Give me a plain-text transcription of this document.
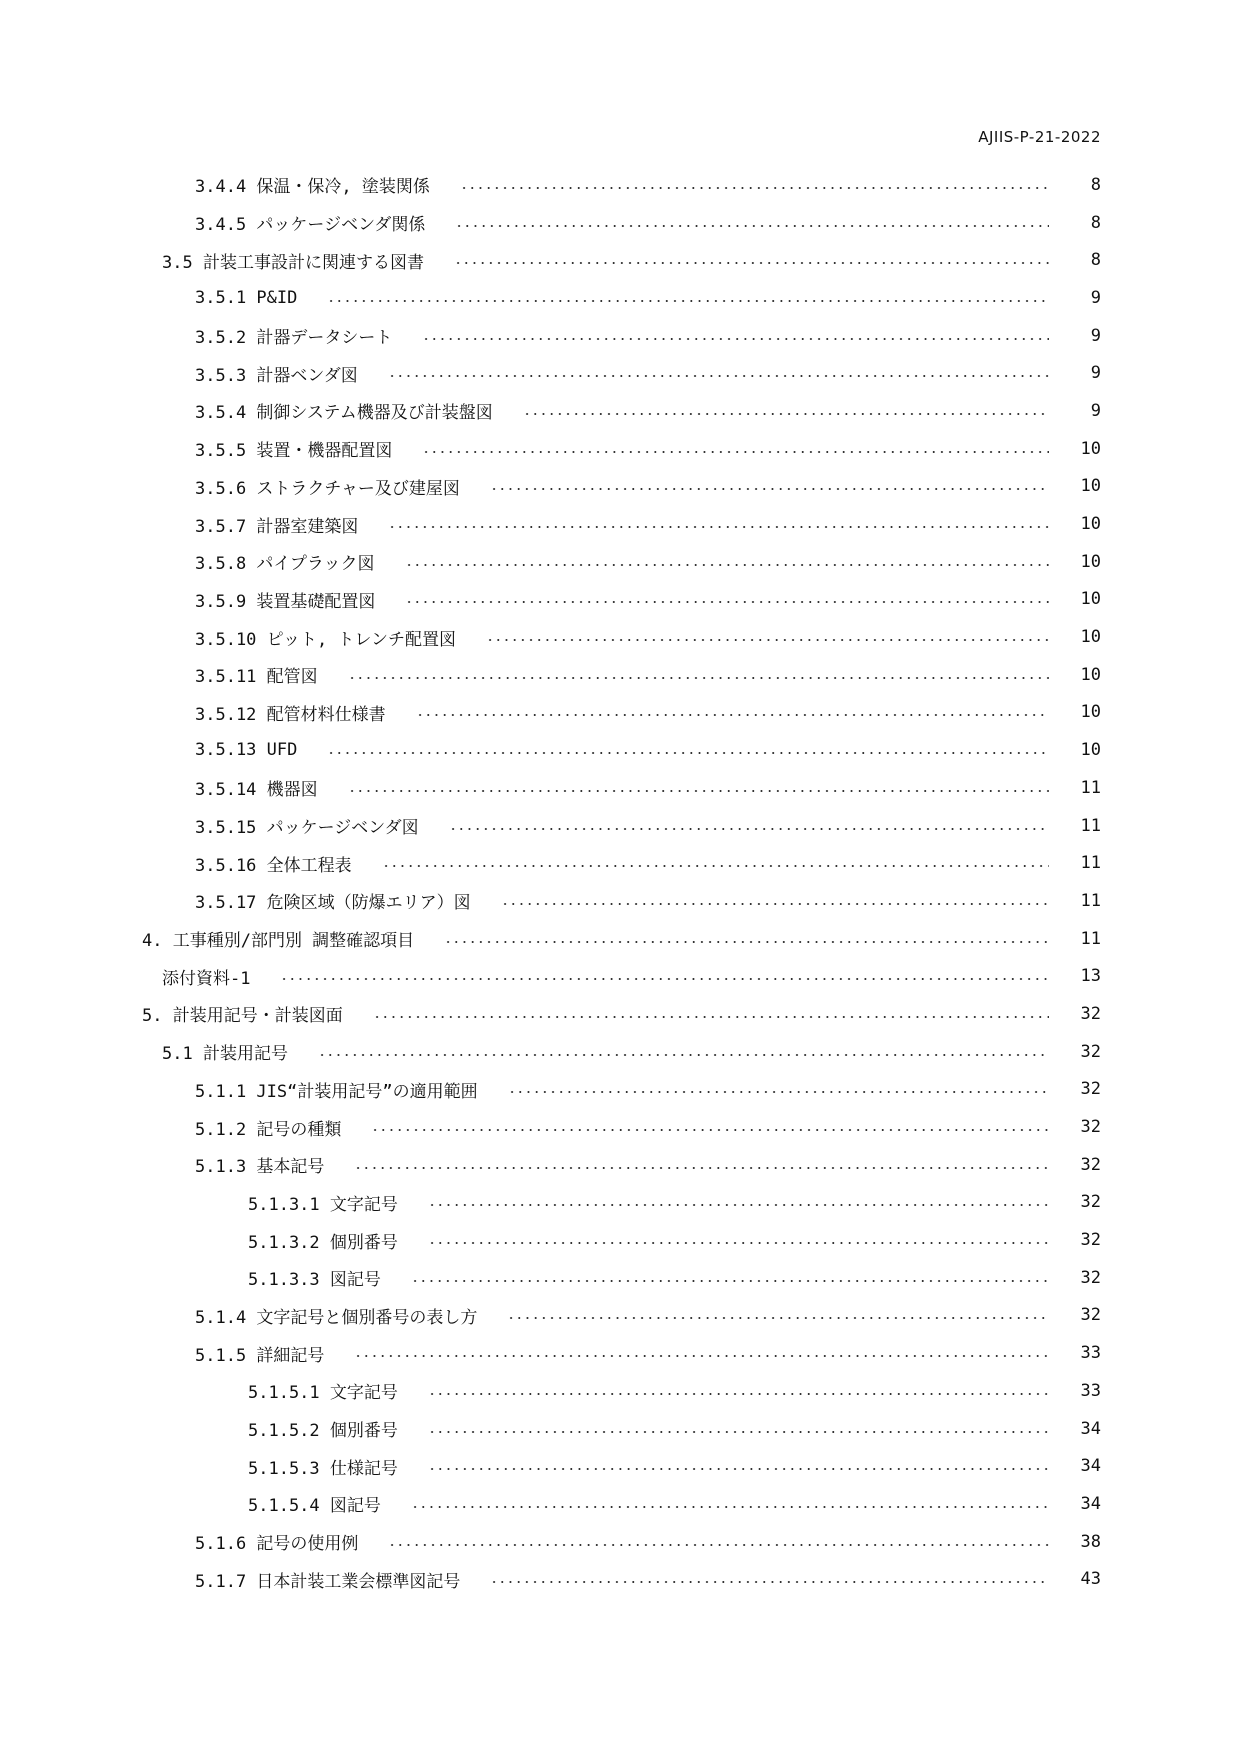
AJIIS-P-21-2022
3.4.4 保温・保冷, 塗装関係	8
3.4.5 パッケージベンダ関係	8
3.5 計装工事設計に関連する図書	8
3.5.1 P&ID	9
3.5.2 計器データシート	9
3.5.3 計器ベンダ図	9
3.5.4 制御システム機器及び計装盤図	9
3.5.5 装置・機器配置図	10
3.5.6 ストラクチャー及び建屋図	10
3.5.7 計器室建築図	10
3.5.8 パイプラック図	10
3.5.9 装置基礎配置図	10
3.5.10 ピット, トレンチ配置図	10
3.5.11 配管図	10
3.5.12 配管材料仕様書	10
3.5.13 UFD	10
3.5.14 機器図	11
3.5.15 パッケージベンダ図	11
3.5.16 全体工程表	11
3.5.17 危険区域（防爆エリア）図	11
4. 工事種別/部門別 調整確認項目	11
添付資料-1	13
5. 計装用記号・計装図面	32
5.1 計装用記号	32
5.1.1 JIS“計装用記号”の適用範囲	32
5.1.2 記号の種類	32
5.1.3 基本記号	32
5.1.3.1 文字記号	32
5.1.3.2 個別番号	32
5.1.3.3 図記号	32
5.1.4 文字記号と個別番号の表し方	32
5.1.5 詳細記号	33
5.1.5.1 文字記号	33
5.1.5.2 個別番号	34
5.1.5.3 仕様記号	34
5.1.5.4 図記号	34
5.1.6 記号の使用例	38
5.1.7 日本計装工業会標準図記号	43
